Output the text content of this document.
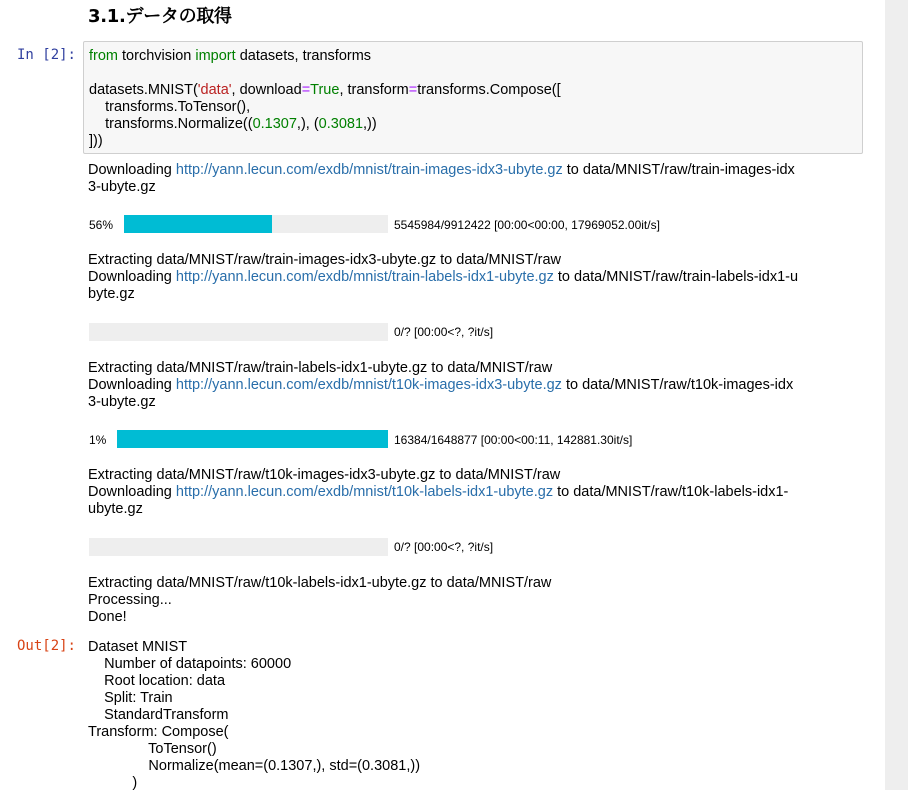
3.1.データの取得
In [2]: from torchvision import datasets, transforms
datasets.MNIST('data', download=True, transform=transforms.Compose([
transforms.ToTensor(),
transforms.Normalize((0.1307,), (0.3081,))
]))
Downloading http://yann.lecun.com/exdb/mnist/train-images-idx3-ubyte.gz to data/MNIST/raw/train-images-idx
3-ubyte.gz
56%	5545984/9912422 [00:00<00:00, 17969052.00it/s]
Extracting data/MNIST/raw/train-images-idx3-ubyte.gz to data/MNIST/raw
Downloading http://yann.lecun.com/exdb/mnist/train-labels-idx1-ubyte.gz to data/MNIST/raw/train-labels-idx1-u
byte.gz
0/? [00:00<?, ?it/s]
Extracting data/MNIST/raw/train-labels-idx1-ubyte.gz to data/MNIST/raw
Downloading http://yann.lecun.com/exdb/mnist/t10k-images-idx3-ubyte.gz to data/MNIST/raw/t10k-images-idx
3-ubyte.gz
1%	16384/1648877 [00:00<00:11, 142881.30it/s]
Extracting data/MNIST/raw/t10k-images-idx3-ubyte.gz to data/MNIST/raw
Downloading http://yann.lecun.com/exdb/mnist/t10k-labels-idx1-ubyte.gz to data/MNIST/raw/t10k-labels-idx1-
ubyte.gz
0/? [00:00<?, ?it/s]
Extracting data/MNIST/raw/t10k-labels-idx1-ubyte.gz to data/MNIST/raw
Processing...
Done!
Out[2]: Dataset MNIST
Number of datapoints: 60000
Root location: data
Split: Train
StandardTransform
Transform: Compose(
ToTensor()
Normalize(mean=(0.1307,), std=(0.3081,))
)
